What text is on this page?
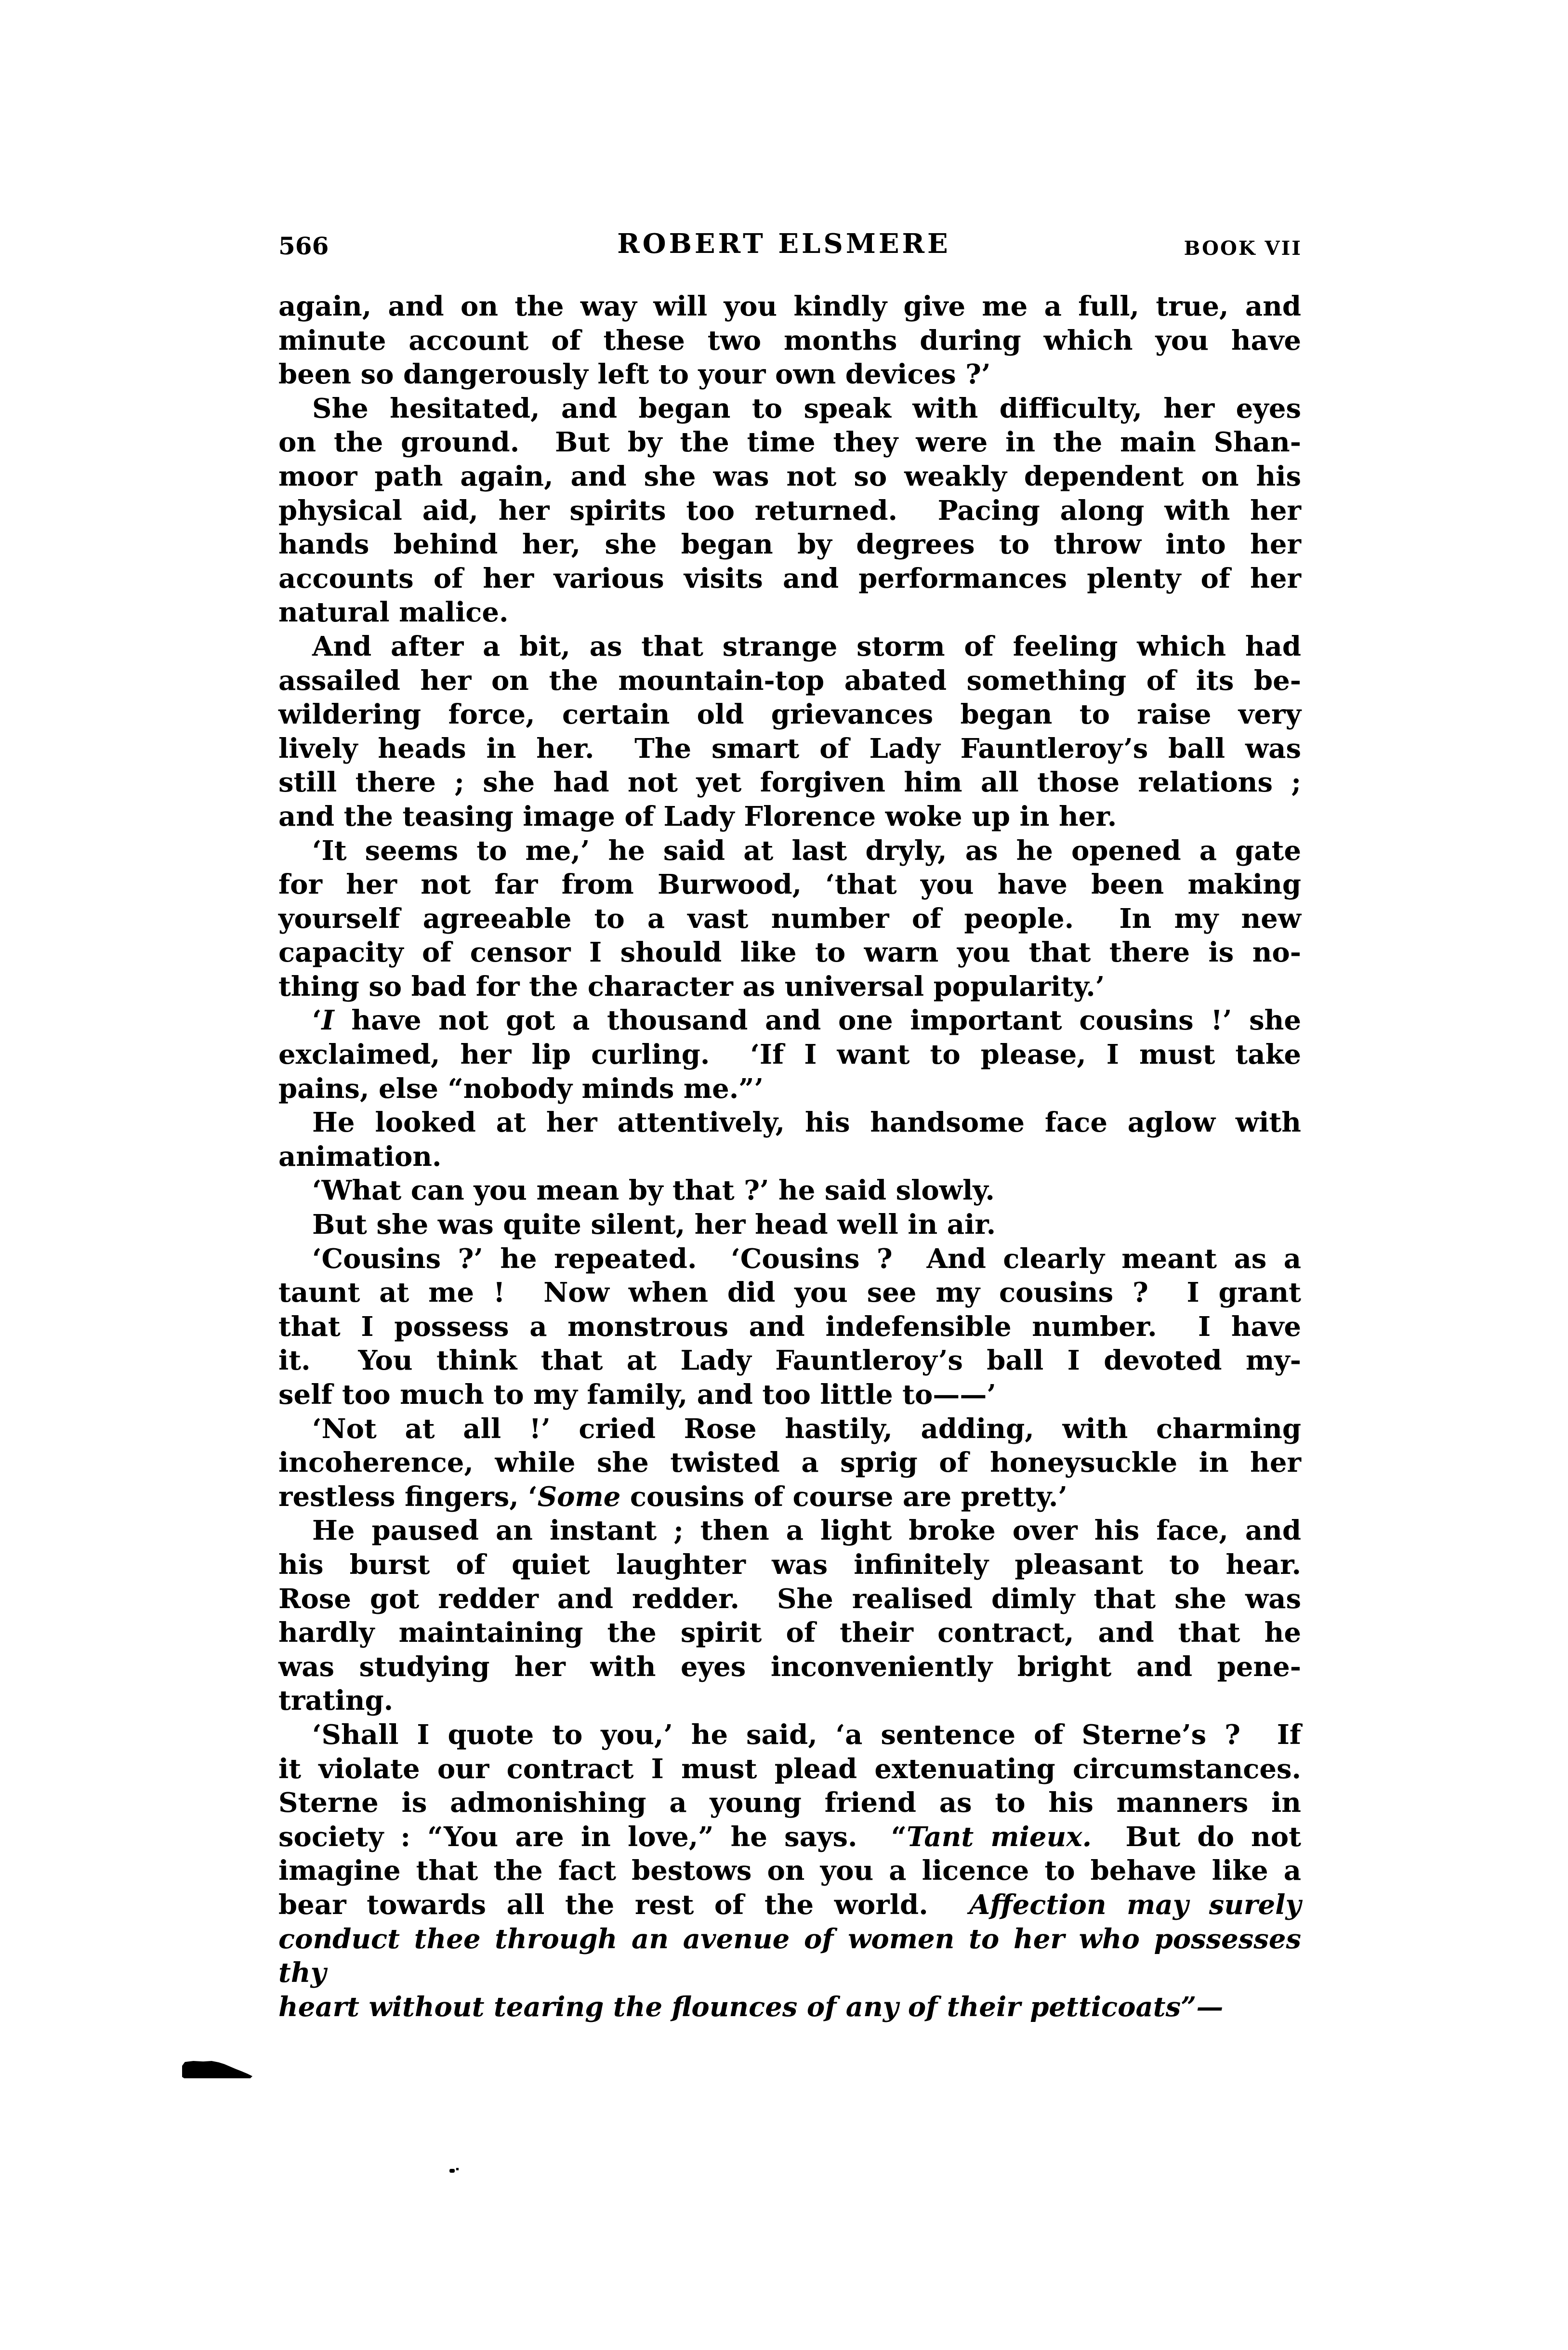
566	ROBERT ELSMERE	BOOK VII
again, and on the way will you kindly give me a full, true, and
minute account of these two months during which you have
been so dangerously left to your own devices ?’
She hesitated, and began to speak with difficulty, her eyes
on the ground.  But by the time they were in the main Shan-
moor path again, and she was not so weakly dependent on his
physical aid, her spirits too returned.  Pacing along with her
hands behind her, she began by degrees to throw into her
accounts of her various visits and performances plenty of her
natural malice.
And after a bit, as that strange storm of feeling which had
assailed her on the mountain-top abated something of its be-
wildering force, certain old grievances began to raise very
lively heads in her.  The smart of Lady Fauntleroy’s ball was
still there ; she had not yet forgiven him all those relations ;
and the teasing image of Lady Florence woke up in her.
‘It seems to me,’ he said at last dryly, as he opened a gate
for her not far from Burwood, ‘that you have been making
yourself agreeable to a vast number of people.  In my new
capacity of censor I should like to warn you that there is no-
thing so bad for the character as universal popularity.’
‘I have not got a thousand and one important cousins !’ she
exclaimed, her lip curling.  ‘If I want to please, I must take
pains, else “nobody minds me.”’
He looked at her attentively, his handsome face aglow with
animation.
‘What can you mean by that ?’ he said slowly.
But she was quite silent, her head well in air.
‘Cousins ?’ he repeated.  ‘Cousins ?  And clearly meant as a
taunt at me !  Now when did you see my cousins ?  I grant
that I possess a monstrous and indefensible number.  I have
it.  You think that at Lady Fauntleroy’s ball I devoted my-
self too much to my family, and too little to——’
‘Not at all !’ cried Rose hastily, adding, with charming
incoherence, while she twisted a sprig of honeysuckle in her
restless fingers, ‘Some cousins of course are pretty.’
He paused an instant ; then a light broke over his face, and
his burst of quiet laughter was infinitely pleasant to hear.
Rose got redder and redder.  She realised dimly that she was
hardly maintaining the spirit of their contract, and that he
was studying her with eyes inconveniently bright and pene-
trating.
‘Shall I quote to you,’ he said, ‘a sentence of Sterne’s ?  If
it violate our contract I must plead extenuating circumstances.
Sterne is admonishing a young friend as to his manners in
society : “You are in love,” he says.  “Tant mieux.  But do not
imagine that the fact bestows on you a licence to behave like a
bear towards all the rest of the world.  Affection may surely
conduct thee through an avenue of women to her who possesses thy
heart without tearing the flounces of any of their petticoats”—
